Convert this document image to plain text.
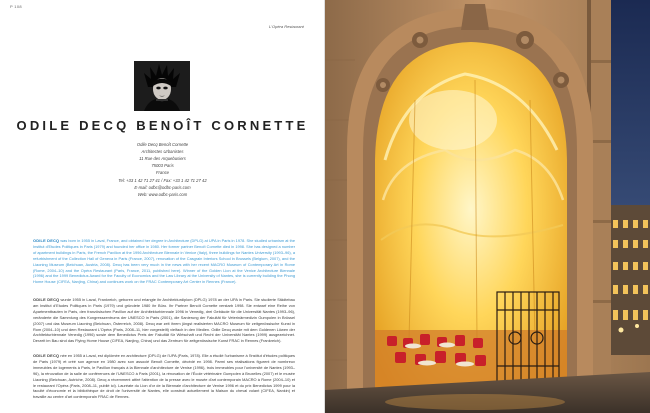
P 108
L'Opéra Restaurant
ODILE DECQ BENOÎT CORNETTE
Odile Decq Benoît Cornette
Architectes Urbanistes
11 Rue des Arquebusiers
75003 Paris
France
Tel: +33 1 42 71 27 41 / Fax: +33 1 42 71 27 42
E-mail: odbc@odbc-paris.com
Web: www.odbc-paris.com
ODILE DECQ was born in 1955 in Laval, France, and obtained her degree in Architecture (DPLG) at UPA in Paris in 1978. She studied urbanism at the Institut d'Etudes Politiques in Paris (1979) and founded her office in 1980. Her former partner Benoît Cornette died in 1998. She has designed a number of apartment buildings in Paris, the French Pavilion at the 1996 Architecture Biennale in Venice (Italy), three buildings for Nantes University (1993–96), a refurbishment of the Collection Hall of Geneva in Paris (France, 2007), renovation of the Casgrain Interiors School in Brussels (Belgium, 2007), and the Liaoning Museum (Beichuan, Austria, 2008). Decq has been very much in the news with her recent MACRO Museum of Contemporary Art in Rome (Rome, 2004–10) and the Opéra Restaurant (Paris, France, 2011, published here). Winner of the Golden Lion at the Venice Architecture Biennale (1996) and the 1999 Benedictus Award for the Faculty of Economics and the Law Library at the University of Nantes, she is currently building the Phong Home House (CIFEA, Nanjing, China) and continues work on the FRAC Contemporary Art Center in Rennes (France).
ODILE DECQ wurde 1955 in Laval, Frankreich, geboren und erlangte ihr Architekturdiplom (DPLG) 1978 an der UPA in Paris. Sie studierte Städtebau am Institut d'Etudes Politiques in Paris (1979) und gründete 1980 ihr Büro. Ihr Partner Benoît Cornette verstarb 1998. Sie entwarf eine Reihe von Apartmentbauten in Paris, den französischen Pavillon auf der Architekturbiennale 1996 in Venedig, drei Gebäude für die Universität Nantes (1993–96), veränderte die Sammlung des Kongresszentrums der UNESCO in Paris (2001), die Sanierung der Fakultät für Veterinärmedizin Gumpolen in Brüssel (2007) und das Museum Liaoning (Beichuan, Österreich, 2008). Decq war zeit ihrem jüngst realisierten MACRO Museum für zeitgenössische Kunst in Rom (2004–10) und dem Restaurant L'Opéra (Paris, 2008–11, hier vorgestellt) vielfach in den Medien. Odile Decq wurde mit dem Goldenen Löwen der Architekturbiennale Venedig (1996) sowie dem Benedictus Preis der Fakultät für Wirtschaft und Recht der Universität Nantes (1999) ausgezeichnet. Derzeit im Bau sind das Flying Home House (CIFEA, Nanjing, China) und das Zentrum für zeitgenössische Kunst FRAC in Rennes (Frankreich).
ODILE DECQ née en 1955 à Laval, est diplômée en architecture (DPLG) de l'UPA (Paris, 1978). Elle a étudié l'urbanisme à l'Institut d'études politiques de Paris (1979) et créé son agence en 1980 avec son associé Benoît Cornette, décédé en 1998. Parmi ses réalisations figurent de nombreux immeubles de logements à Paris, le Pavillon français à la Biennale d'architecture de Venise (1996), trois immeubles pour l'université de Nantes (1993–96), la rénovation de la salle de conférences de l'UNESCO à Paris (2001), la rénovation de l'École vétérinaire Gumpolen à Bruxelles (2007) et le musée Liaoning (Beichuan, Autriche, 2008). Decq a récemment attiré l'attention de la presse avec le musée d'art contemporain MACRO à Rome (2004–10) et le restaurant l'Opéra (Paris, 2008–11, publié ici). Lauréate du Lion d'or de la Biennale d'architecture de Venise 1996 et du prix Benedictus 1999 pour la faculté d'économie et la bibliothèque de droit de l'université de Nantes, elle construit actuellement la Maison du cheval volant (CIFEA, Nankin) et travaille au centre d'art contemporain FRAC de Rennes.
